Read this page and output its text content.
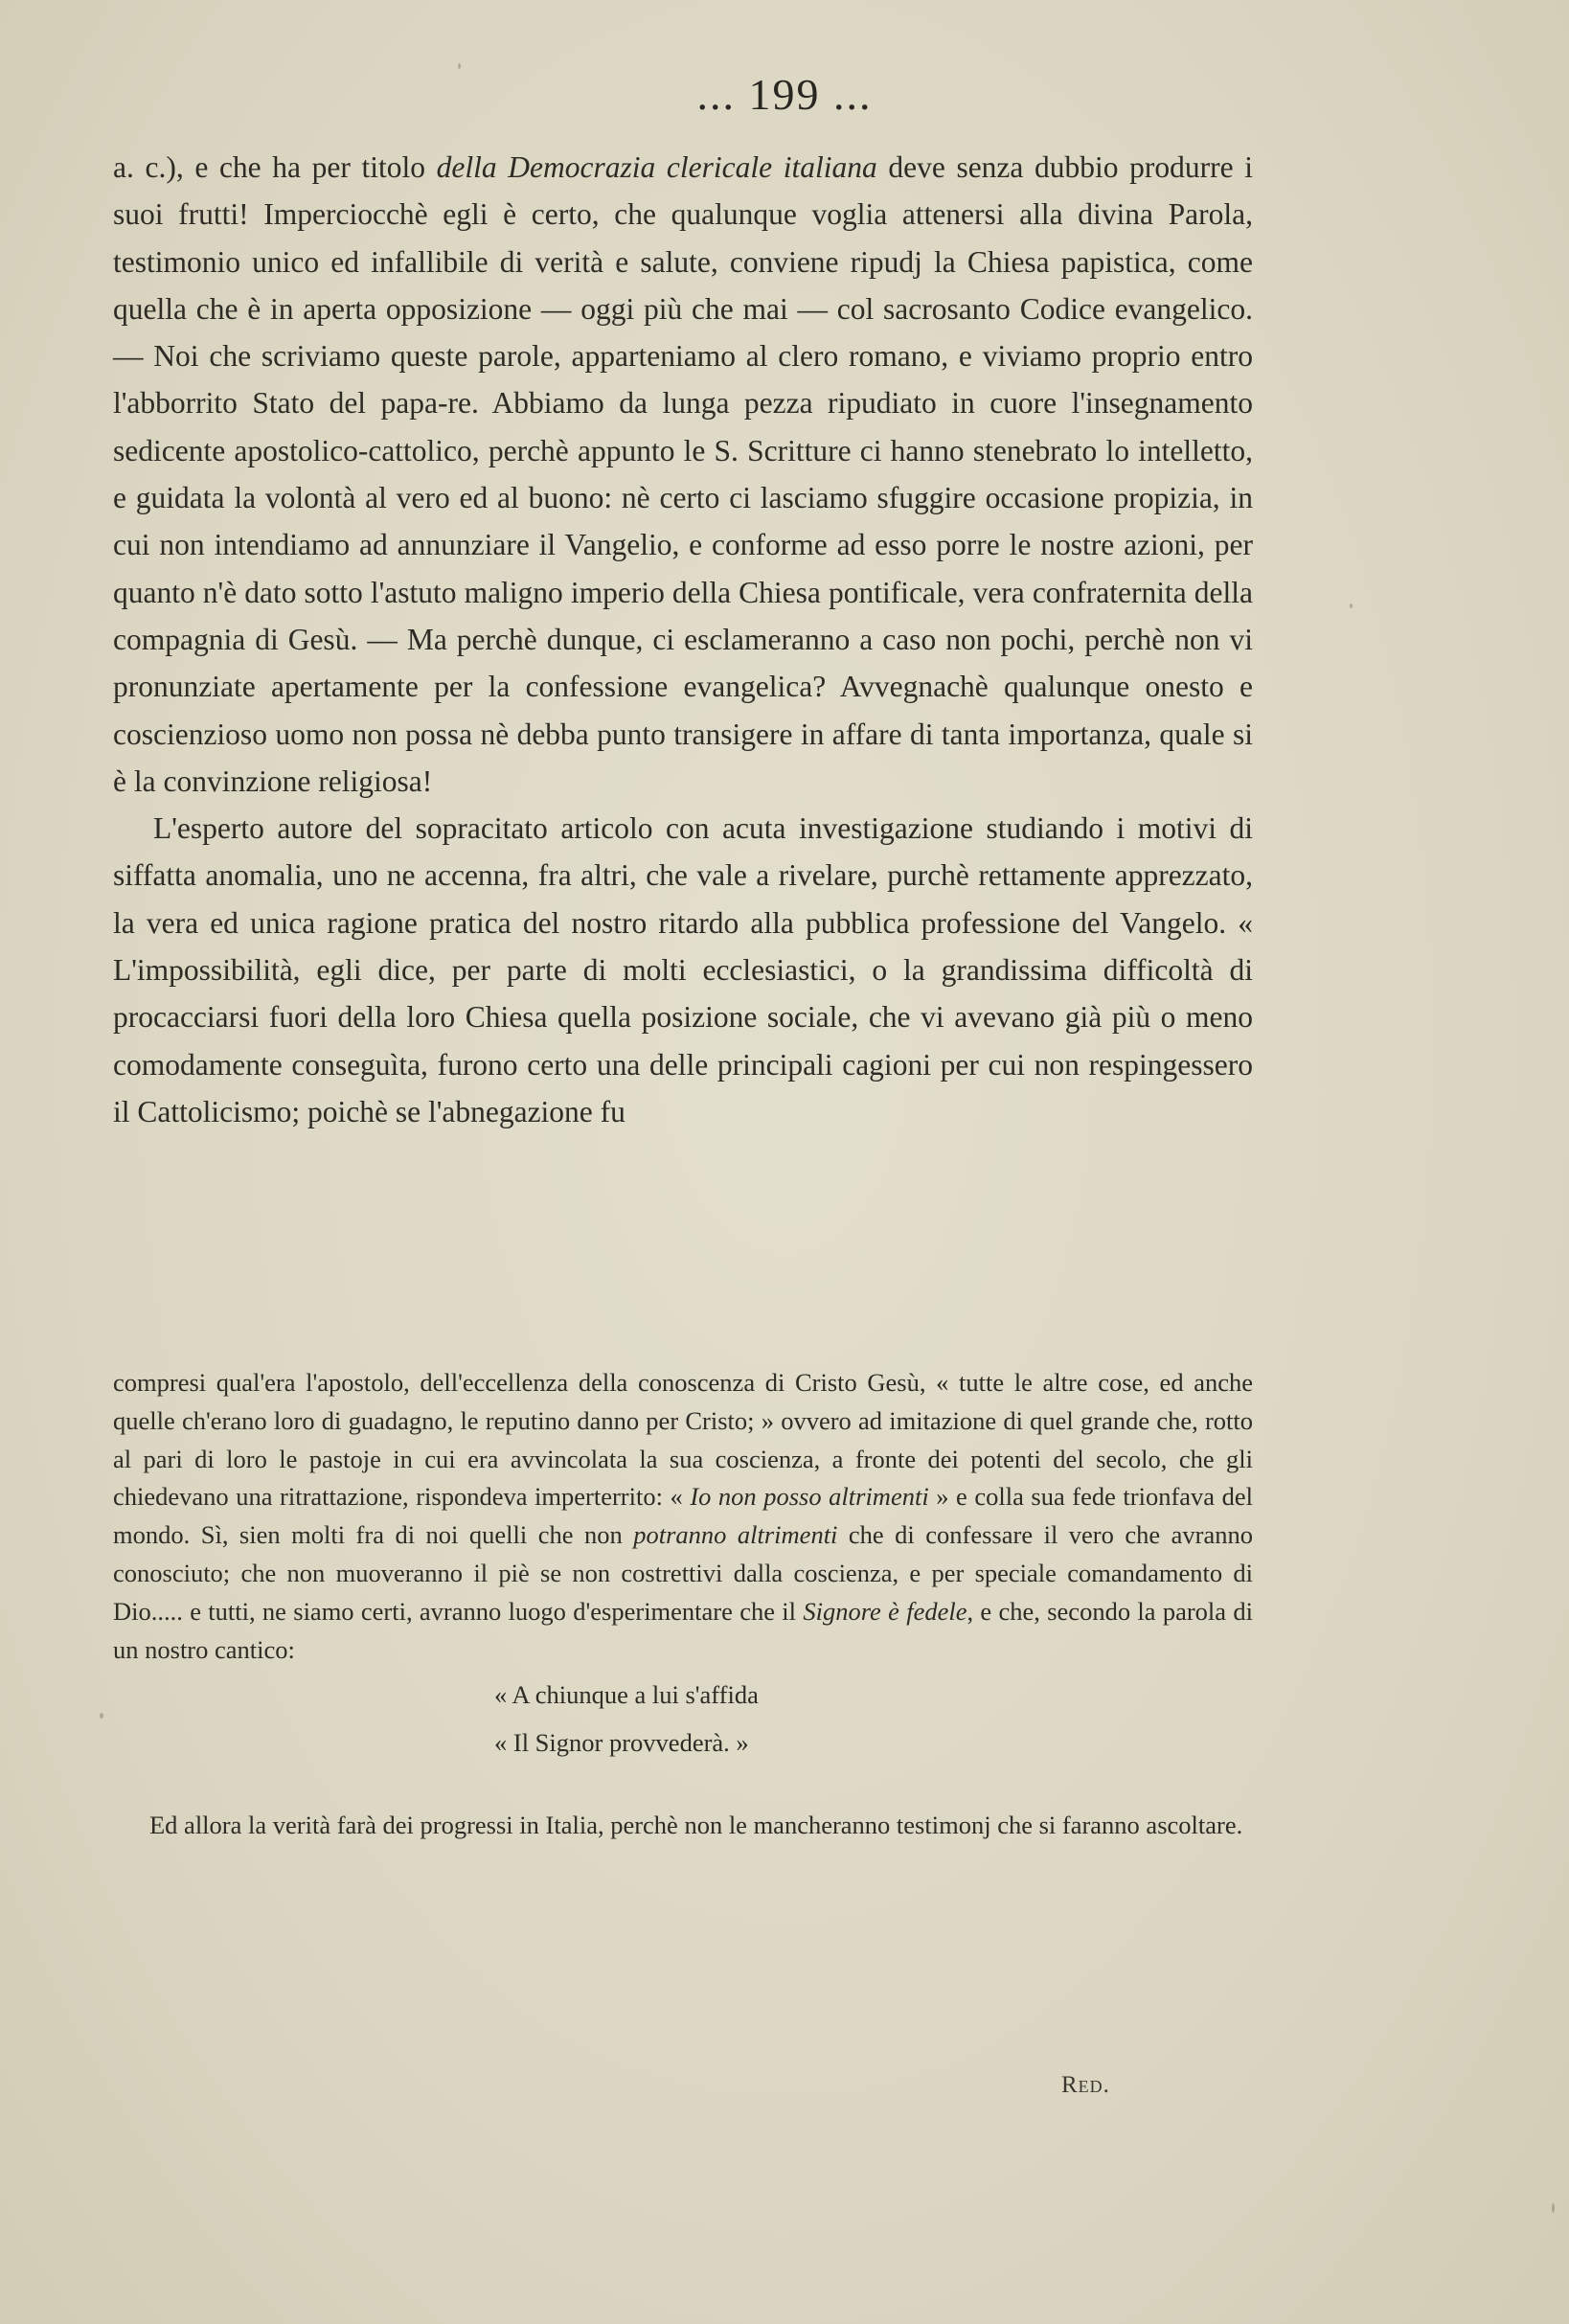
... 199 ...

a. c.), e che ha per titolo della Democrazia clericale italiana deve senza dubbio produrre i suoi frutti! Imperciocchè egli è certo, che qualunque voglia attenersi alla divina Parola, testimonio unico ed infallibile di verità e salute, conviene ripudj la Chiesa papistica, come quella che è in aperta opposizione — oggi più che mai — col sacrosanto Codice evangelico.— Noi che scriviamo queste parole, apparteniamo al clero romano, e viviamo proprio entro l'abborrito Stato del papa-re. Abbiamo da lunga pezza ripudiato in cuore l'insegnamento sedicente apostolico-cattolico, perchè appunto le S. Scritture ci hanno stenebrato lo intelletto, e guidata la volontà al vero ed al buono: nè certo ci lasciamo sfuggire occasione propizia, in cui non intendiamo ad annunziare il Vangelio, e conforme ad esso porre le nostre azioni, per quanto n'è dato sotto l'astuto maligno imperio della Chiesa pontificale, vera confraternita della compagnia di Gesù. — Ma perchè dunque, ci esclameranno a caso non pochi, perchè non vi pronunziate apertamente per la confessione evangelica? Avvegnachè qualunque onesto e coscienzioso uomo non possa nè debba punto transigere in affare di tanta importanza, quale si è la convinzione religiosa!

L'esperto autore del sopracitato articolo con acuta investigazione studiando i motivi di siffatta anomalia, uno ne accenna, fra altri, che vale a rivelare, purchè rettamente apprezzato, la vera ed unica ragione pratica del nostro ritardo alla pubblica professione del Vangelo. « L'impossibilità, egli dice, per parte di molti ecclesiastici, o la grandissima difficoltà di procacciarsi fuori della loro Chiesa quella posizione sociale, che vi avevano già più o meno comodamente conseguìta, furono certo una delle principali cagioni per cui non respingessero il Cattolicismo; poichè se l'abnegazione fu

compresi qual'era l'apostolo, dell'eccellenza della conoscenza di Cristo Gesù, « tutte le altre cose, ed anche quelle ch'erano loro di guadagno, le reputino danno per Cristo; » ovvero ad imitazione di quel grande che, rotto al pari di loro le pastoje in cui era avvincolata la sua coscienza, a fronte dei potenti del secolo, che gli chiedevano una ritrattazione, rispondeva imperterrito: « Io non posso altrimenti » e colla sua fede trionfava del mondo. Sì, sien molti fra di noi quelli che non potranno altrimenti che di confessare il vero che avranno conosciuto; che non muoveranno il piè se non costrettivi dalla coscienza, e per speciale comandamento di Dio..... e tutti, ne siamo certi, avranno luogo d'esperimentare che il Signore è fedele, e che, secondo la parola di un nostro cantico:

« A chiunque a lui s'affida
« Il Signor provvederà. »

Ed allora la verità farà dei progressi in Italia, perchè non le mancheranno testimonj che si faranno ascoltare.

Red.
